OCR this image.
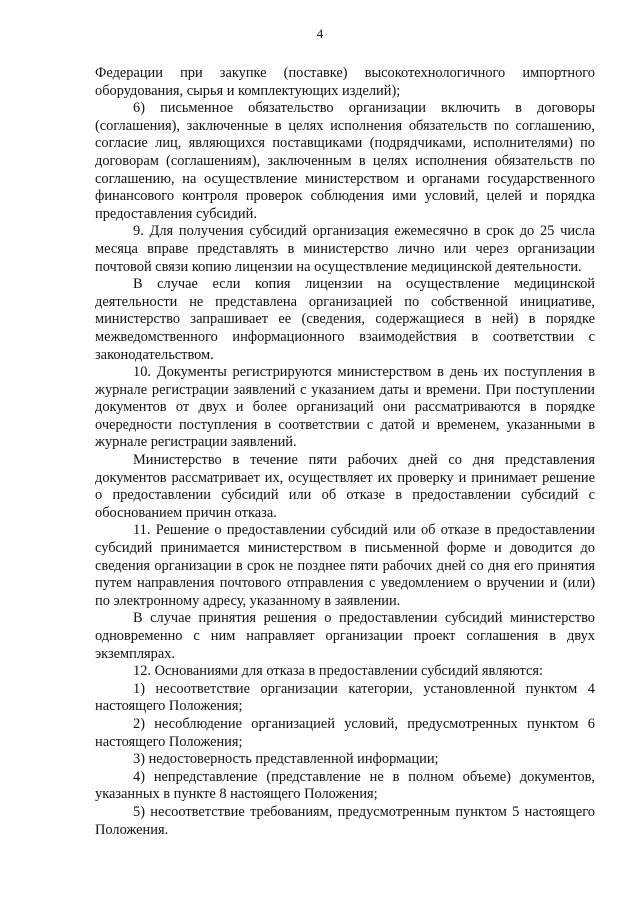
4

Федерации при закупке (поставке) высокотехнологичного импортного оборудования, сырья и комплектующих изделий);

6) письменное обязательство организации включить в договоры (соглашения), заключенные в целях исполнения обязательств по соглашению, согласие лиц, являющихся поставщиками (подрядчиками, исполнителями) по договорам (соглашениям), заключенным в целях исполнения обязательств по соглашению, на осуществление министерством и органами государственного финансового контроля проверок соблюдения ими условий, целей и порядка предоставления субсидий.

9. Для получения субсидий организация ежемесячно в срок до 25 числа месяца вправе представлять в министерство лично или через организации почтовой связи копию лицензии на осуществление медицинской деятельности.

В случае если копия лицензии на осуществление медицинской деятельности не представлена организацией по собственной инициативе, министерство запрашивает ее (сведения, содержащиеся в ней) в порядке межведомственного информационного взаимодействия в соответствии с законодательством.

10. Документы регистрируются министерством в день их поступления в журнале регистрации заявлений с указанием даты и времени. При поступлении документов от двух и более организаций они рассматриваются в порядке очередности поступления в соответствии с датой и временем, указанными в журнале регистрации заявлений.

Министерство в течение пяти рабочих дней со дня представления документов рассматривает их, осуществляет их проверку и принимает решение о предоставлении субсидий или об отказе в предоставлении субсидий с обоснованием причин отказа.

11. Решение о предоставлении субсидий или об отказе в предоставлении субсидий принимается министерством в письменной форме и доводится до сведения организации в срок не позднее пяти рабочих дней со дня его принятия путем направления почтового отправления с уведомлением о вручении и (или) по электронному адресу, указанному в заявлении.

В случае принятия решения о предоставлении субсидий министерство одновременно с ним направляет организации проект соглашения в двух экземплярах.

12. Основаниями для отказа в предоставлении субсидий являются:

1) несоответствие организации категории, установленной пунктом 4 настоящего Положения;

2) несоблюдение организацией условий, предусмотренных пунктом 6 настоящего Положения;

3) недостоверность представленной информации;

4) непредставление (представление не в полном объеме) документов, указанных в пункте 8 настоящего Положения;

5) несоответствие требованиям, предусмотренным пунктом 5 настоящего Положения.
